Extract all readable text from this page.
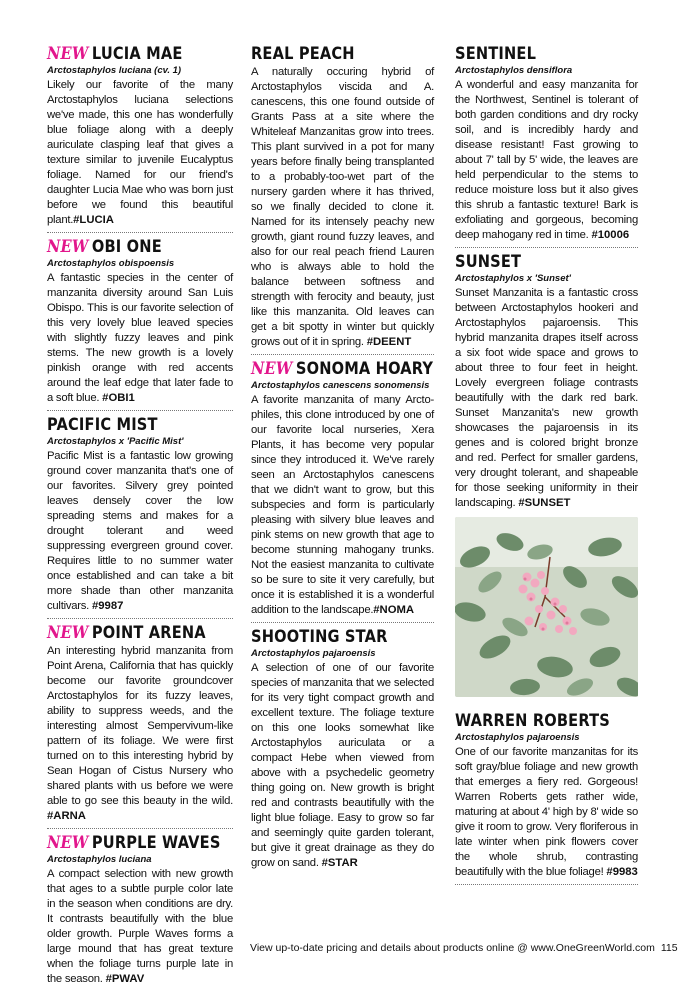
NEW LUCIA MAE
Arctostaphylos luciana (cv. 1)

Likely our favorite of the many Arctostaphylos luciana selections we've made, this one has wonderfully blue foliage along with a deeply auriculate clasping leaf that gives a texture similar to juvenile Eucalyptus foliage. Named for our friend's daughter Lucia Mae who was born just before we found this beautiful plant.#LUCIA

NEW OBI ONE
Arctostaphylos obispoensis

A fantastic species in the center of manzanita diversity around San Luis Obispo. This is our favorite selection of this very lovely blue leaved species with slightly fuzzy leaves and pink stems. The new growth is a lovely pinkish orange with red accents around the leaf edge that later fade to a soft blue. #OBI1

PACIFIC MIST
Arctostaphylos x 'Pacific Mist'

Pacific Mist is a fantastic low growing ground cover manzanita that's one of our favorites. Silvery grey pointed leaves densely cover the low spreading stems and makes for a drought tolerant and weed suppressing evergreen ground cover. Requires little to no summer water once established and can take a bit more shade than other manzanita cultivars. #9987

NEW POINT ARENA

An interesting hybrid manzanita from Point Arena, California that has quickly become our favorite groundcover Arctostaphylos for its fuzzy leaves, ability to suppress weeds, and the interesting almost Sempervivum-like pattern of its foliage. We were first turned on to this interesting hybrid by Sean Hogan of Cistus Nursery who shared plants with us before we were able to go see this beauty in the wild. #ARNA

NEW PURPLE WAVES
Arctostaphylos luciana

A compact selection with new growth that ages to a subtle purple color late in the season when conditions are dry. It contrasts beautifully with the blue older growth. Purple Waves forms a large mound that has great texture when the foliage turns purple late in the season. #PWAV

REAL PEACH

A naturally occuring hybrid of Arctostaphylos viscida and A. canescens, this one found outside of Grants Pass at a site where the Whiteleaf Manzanitas grow into trees. This plant survived in a pot for many years before finally being transplanted to a probably-too-wet part of the nursery garden where it has thrived, so we finally decided to clone it. Named for its intensely peachy new growth, giant round fuzzy leaves, and also for our real peach friend Lauren who is always able to hold the balance between softness and strength with ferocity and beauty, just like this manzanita. Old leaves can get a bit spotty in winter but quickly grows out of it in spring. #DEENT

NEW SONOMA HOARY
Arctostaphylos canescens sonomensis

A favorite manzanita of many Arcto-philes, this clone introduced by one of our favorite local nurseries, Xera Plants, it has become very popular since they introduced it. We've rarely seen an Arctostaphylos canescens that we didn't want to grow, but this subspecies and form is particularly pleasing with silvery blue leaves and pink stems on new growth that age to become stunning mahogany trunks. Not the easiest manzanita to cultivate so be sure to site it very carefully, but once it is established it is a wonderful addition to the landscape.#NOMA

SHOOTING STAR
Arctostaphylos pajaroensis

A selection of one of our favorite species of manzanita that we selected for its very tight compact growth and excellent texture. The foliage texture on this one looks somewhat like Arctostaphylos auriculata or a compact Hebe when viewed from above with a psychedelic geometry thing going on. New growth is bright red and contrasts beautifully with the light blue foliage. Easy to grow so far and seemingly quite garden tolerant, but give it great drainage as they do grow on sand. #STAR

SENTINEL
Arctostaphylos densiflora

A wonderful and easy manzanita for the Northwest, Sentinel is tolerant of both garden conditions and dry rocky soil, and is incredibly hardy and disease resistant! Fast growing to about 7' tall by 5' wide, the leaves are held perpendicular to the stems to reduce moisture loss but it also gives this shrub a fantastic texture! Bark is exfoliating and gorgeous, becoming deep mahogany red in time. #10006

SUNSET
Arctostaphylos x 'Sunset'

Sunset Manzanita is a fantastic cross between Arctostaphylos hookeri and Arctostaphylos pajaroensis. This hybrid manzanita drapes itself across a six foot wide space and grows to about three to four feet in height. Lovely evergreen foliage contrasts beautifully with the dark red bark. Sunset Manzanita's new growth showcases the pajaroensis in its genes and is colored bright bronze and red. Perfect for smaller gardens, very drought tolerant, and shapeable for those seeking uniformity in their landscaping. #SUNSET

WARREN ROBERTS
Arctostaphylos pajaroensis

One of our favorite manzanitas for its soft gray/blue foliage and new growth that emerges a fiery red. Gorgeous! Warren Roberts gets rather wide, maturing at about 4' high by 8' wide so give it room to grow. Very floriferous in late winter when pink flowers cover the whole shrub, contrasting beautifully with the blue foliage! #9983

View up-to-date pricing and details about products online @ www.OneGreenWorld.com 115
